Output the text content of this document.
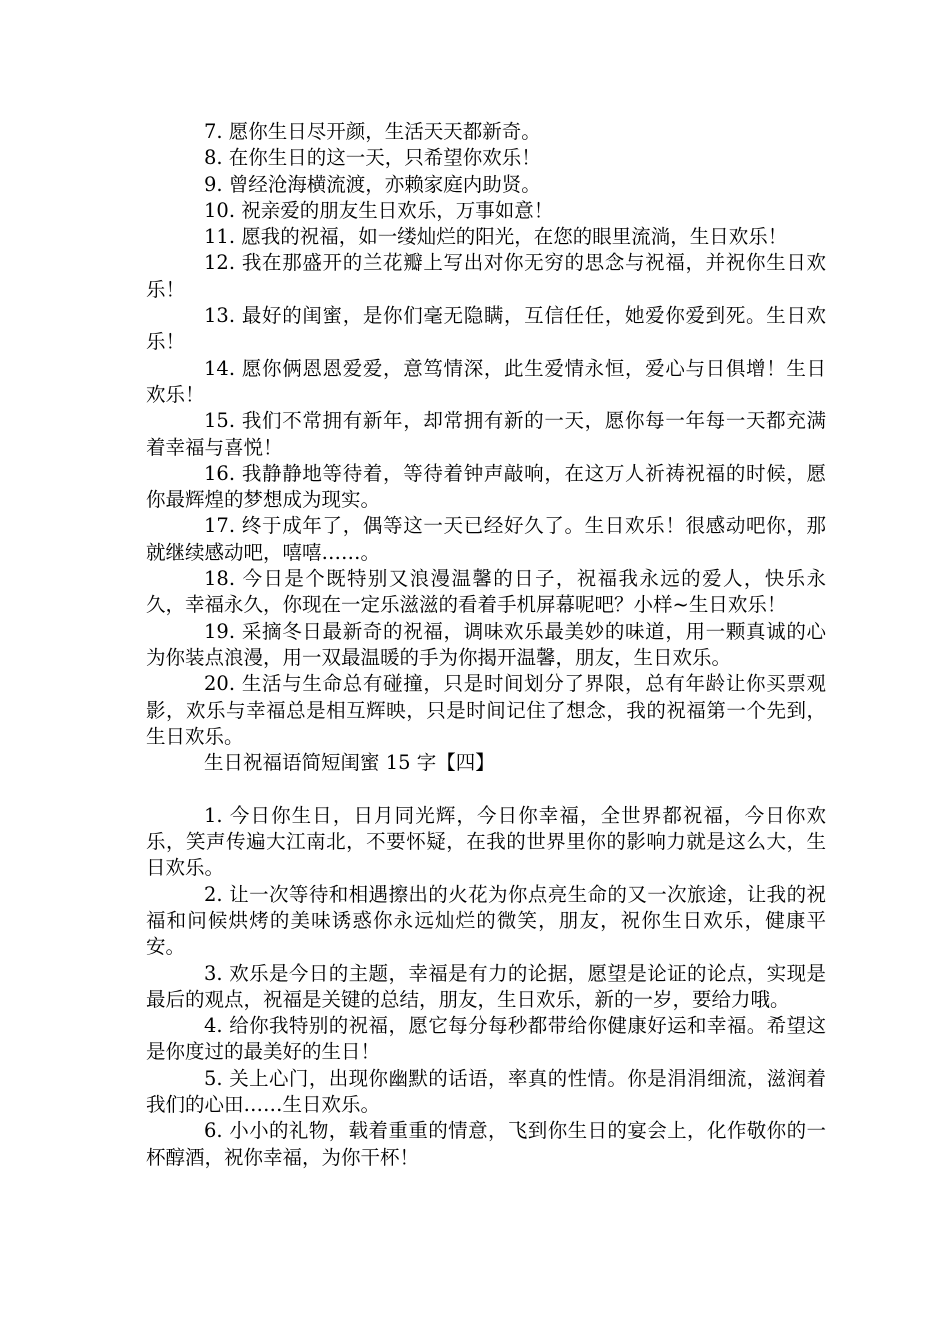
7. 愿你生日尽开颜，生活天天都新奇。

8. 在你生日的这一天，只希望你欢乐！

9. 曾经沧海横流渡，亦赖家庭内助贤。

10. 祝亲爱的朋友生日欢乐，万事如意！

11. 愿我的祝福，如一缕灿烂的阳光，在您的眼里流淌，生日欢乐！

12. 我在那盛开的兰花瓣上写出对你无穷的思念与祝福，并祝你生日欢乐！

13. 最好的闺蜜，是你们毫无隐瞒，互信任任，她爱你爱到死。生日欢乐！

14. 愿你俩恩恩爱爱，意笃情深，此生爱情永恒，爱心与日俱增！生日欢乐！

15. 我们不常拥有新年，却常拥有新的一天，愿你每一年每一天都充满着幸福与喜悦！

16. 我静静地等待着，等待着钟声敲响，在这万人祈祷祝福的时候，愿你最辉煌的梦想成为现实。

17. 终于成年了，偶等这一天已经好久了。生日欢乐！很感动吧你，那就继续感动吧，嘻嘻……。

18. 今日是个既特别又浪漫温馨的日子，祝福我永远的爱人，快乐永久，幸福永久，你现在一定乐滋滋的看着手机屏幕呢吧？小样~生日欢乐！

19. 采摘冬日最新奇的祝福，调味欢乐最美妙的味道，用一颗真诚的心为你装点浪漫，用一双最温暖的手为你揭开温馨，朋友，生日欢乐。

20. 生活与生命总有碰撞，只是时间划分了界限，总有年龄让你买票观影，欢乐与幸福总是相互辉映，只是时间记住了想念，我的祝福第一个先到，生日欢乐。

生日祝福语简短闺蜜 15 字【四】

1. 今日你生日，日月同光辉，今日你幸福，全世界都祝福，今日你欢乐，笑声传遍大江南北，不要怀疑，在我的世界里你的影响力就是这么大，生日欢乐。

2. 让一次等待和相遇擦出的火花为你点亮生命的又一次旅途，让我的祝福和问候烘烤的美味诱惑你永远灿烂的微笑，朋友，祝你生日欢乐，健康平安。

3. 欢乐是今日的主题，幸福是有力的论据，愿望是论证的论点，实现是最后的观点，祝福是关键的总结，朋友，生日欢乐，新的一岁，要给力哦。

4. 给你我特别的祝福，愿它每分每秒都带给你健康好运和幸福。希望这是你度过的最美好的生日！

5. 关上心门，出现你幽默的话语，率真的性情。你是涓涓细流，滋润着我们的心田……生日欢乐。

6. 小小的礼物，载着重重的情意，飞到你生日的宴会上，化作敬你的一杯醇酒，祝你幸福，为你干杯！
